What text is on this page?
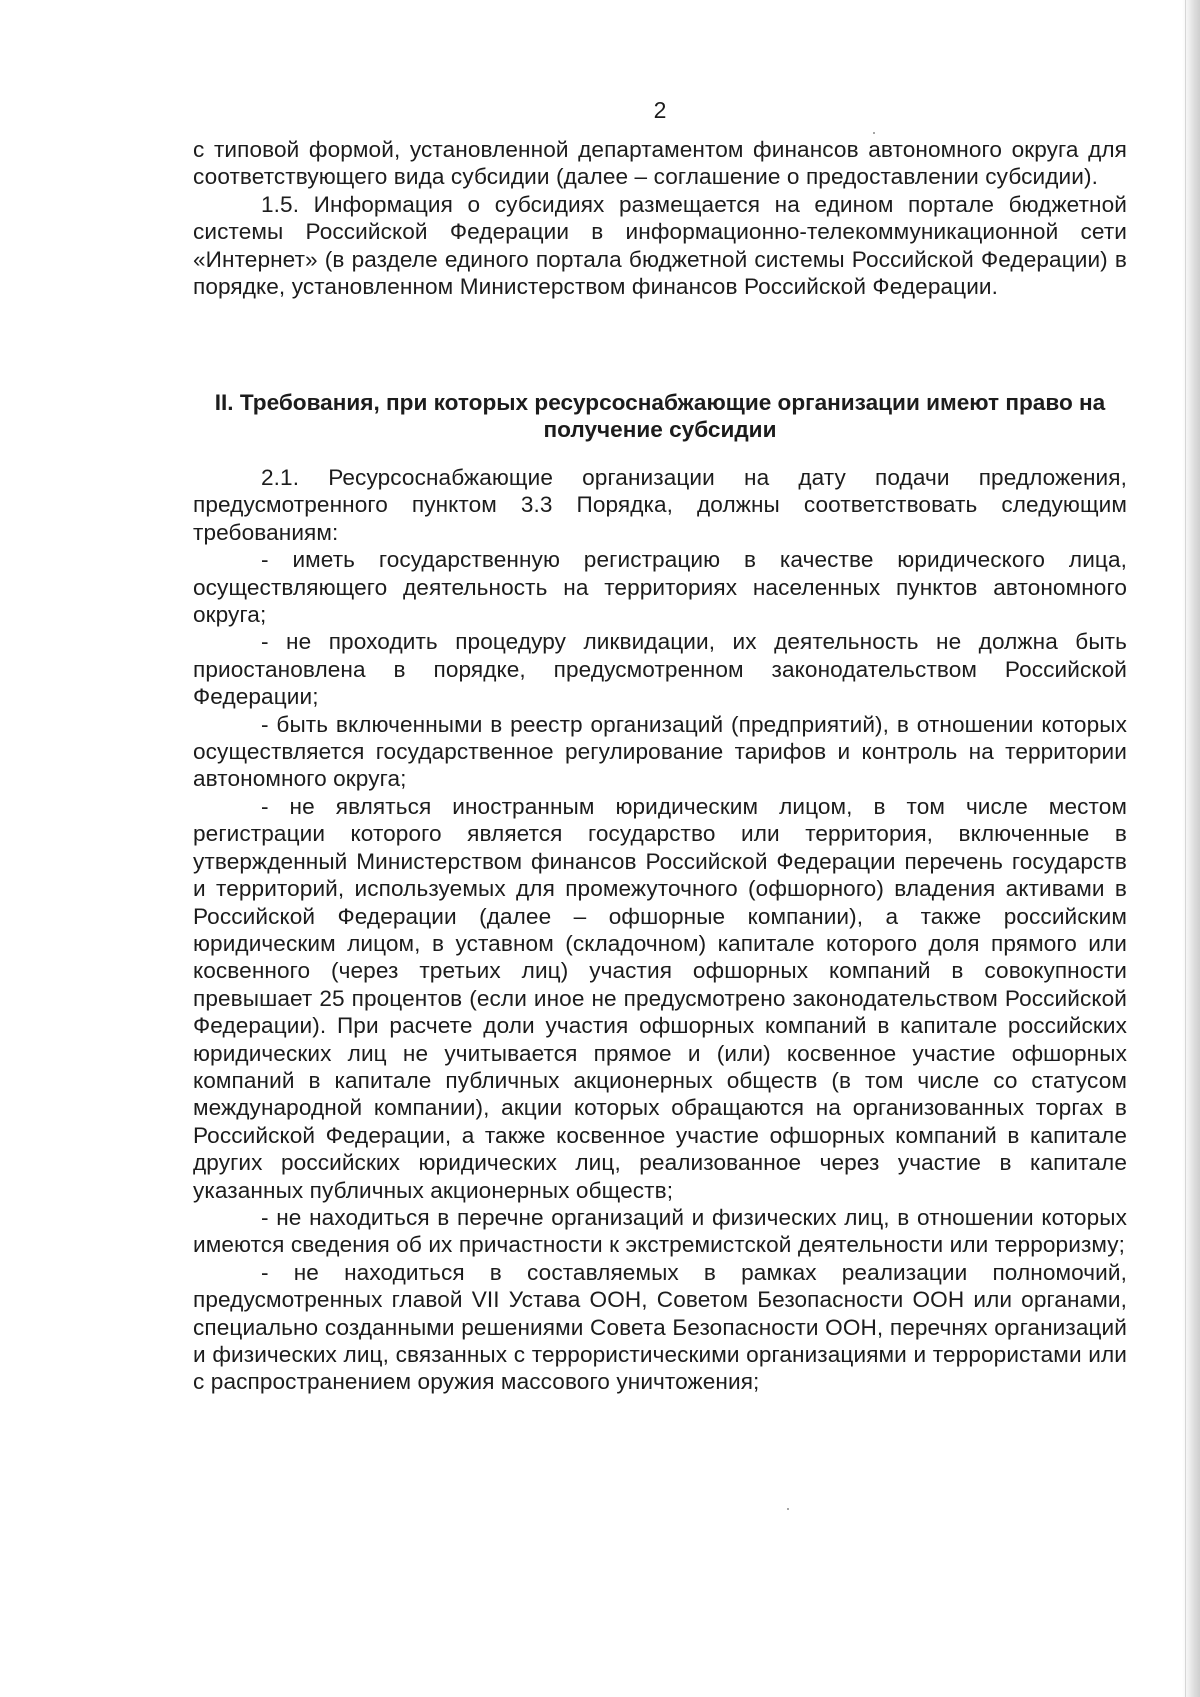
2

с типовой формой, установленной департаментом финансов автономного округа для соответствующего вида субсидии (далее – соглашение о предоставлении субсидии).

1.5. Информация о субсидиях размещается на едином портале бюджетной системы Российской Федерации в информационно-телекоммуникационной сети «Интернет» (в разделе единого портала бюджетной системы Российской Федерации) в порядке, установленном Министерством финансов Российской Федерации.

II. Требования, при которых ресурсоснабжающие организации имеют право на получение субсидии

2.1. Ресурсоснабжающие организации на дату подачи предложения, предусмотренного пунктом 3.3 Порядка, должны соответствовать следующим требованиям:

- иметь государственную регистрацию в качестве юридического лица, осуществляющего деятельность на территориях населенных пунктов автономного округа;

- не проходить процедуру ликвидации, их деятельность не должна быть приостановлена в порядке, предусмотренном законодательством Российской Федерации;

- быть включенными в реестр организаций (предприятий), в отношении которых осуществляется государственное регулирование тарифов и контроль на территории автономного округа;

- не являться иностранным юридическим лицом, в том числе местом регистрации которого является государство или территория, включенные в утвержденный Министерством финансов Российской Федерации перечень государств и территорий, используемых для промежуточного (офшорного) владения активами в Российской Федерации (далее – офшорные компании), а также российским юридическим лицом, в уставном (складочном) капитале которого доля прямого или косвенного (через третьих лиц) участия офшорных компаний в совокупности превышает 25 процентов (если иное не предусмотрено законодательством Российской Федерации). При расчете доли участия офшорных компаний в капитале российских юридических лиц не учитывается прямое и (или) косвенное участие офшорных компаний в капитале публичных акционерных обществ (в том числе со статусом международной компании), акции которых обращаются на организованных торгах в Российской Федерации, а также косвенное участие офшорных компаний в капитале других российских юридических лиц, реализованное через участие в капитале указанных публичных акционерных обществ;

- не находиться в перечне организаций и физических лиц, в отношении которых имеются сведения об их причастности к экстремистской деятельности или терроризму;

- не находиться в составляемых в рамках реализации полномочий, предусмотренных главой VII Устава ООН, Советом Безопасности ООН или органами, специально созданными решениями Совета Безопасности ООН, перечнях организаций и физических лиц, связанных с террористическими организациями и террористами или с распространением оружия массового уничтожения;
